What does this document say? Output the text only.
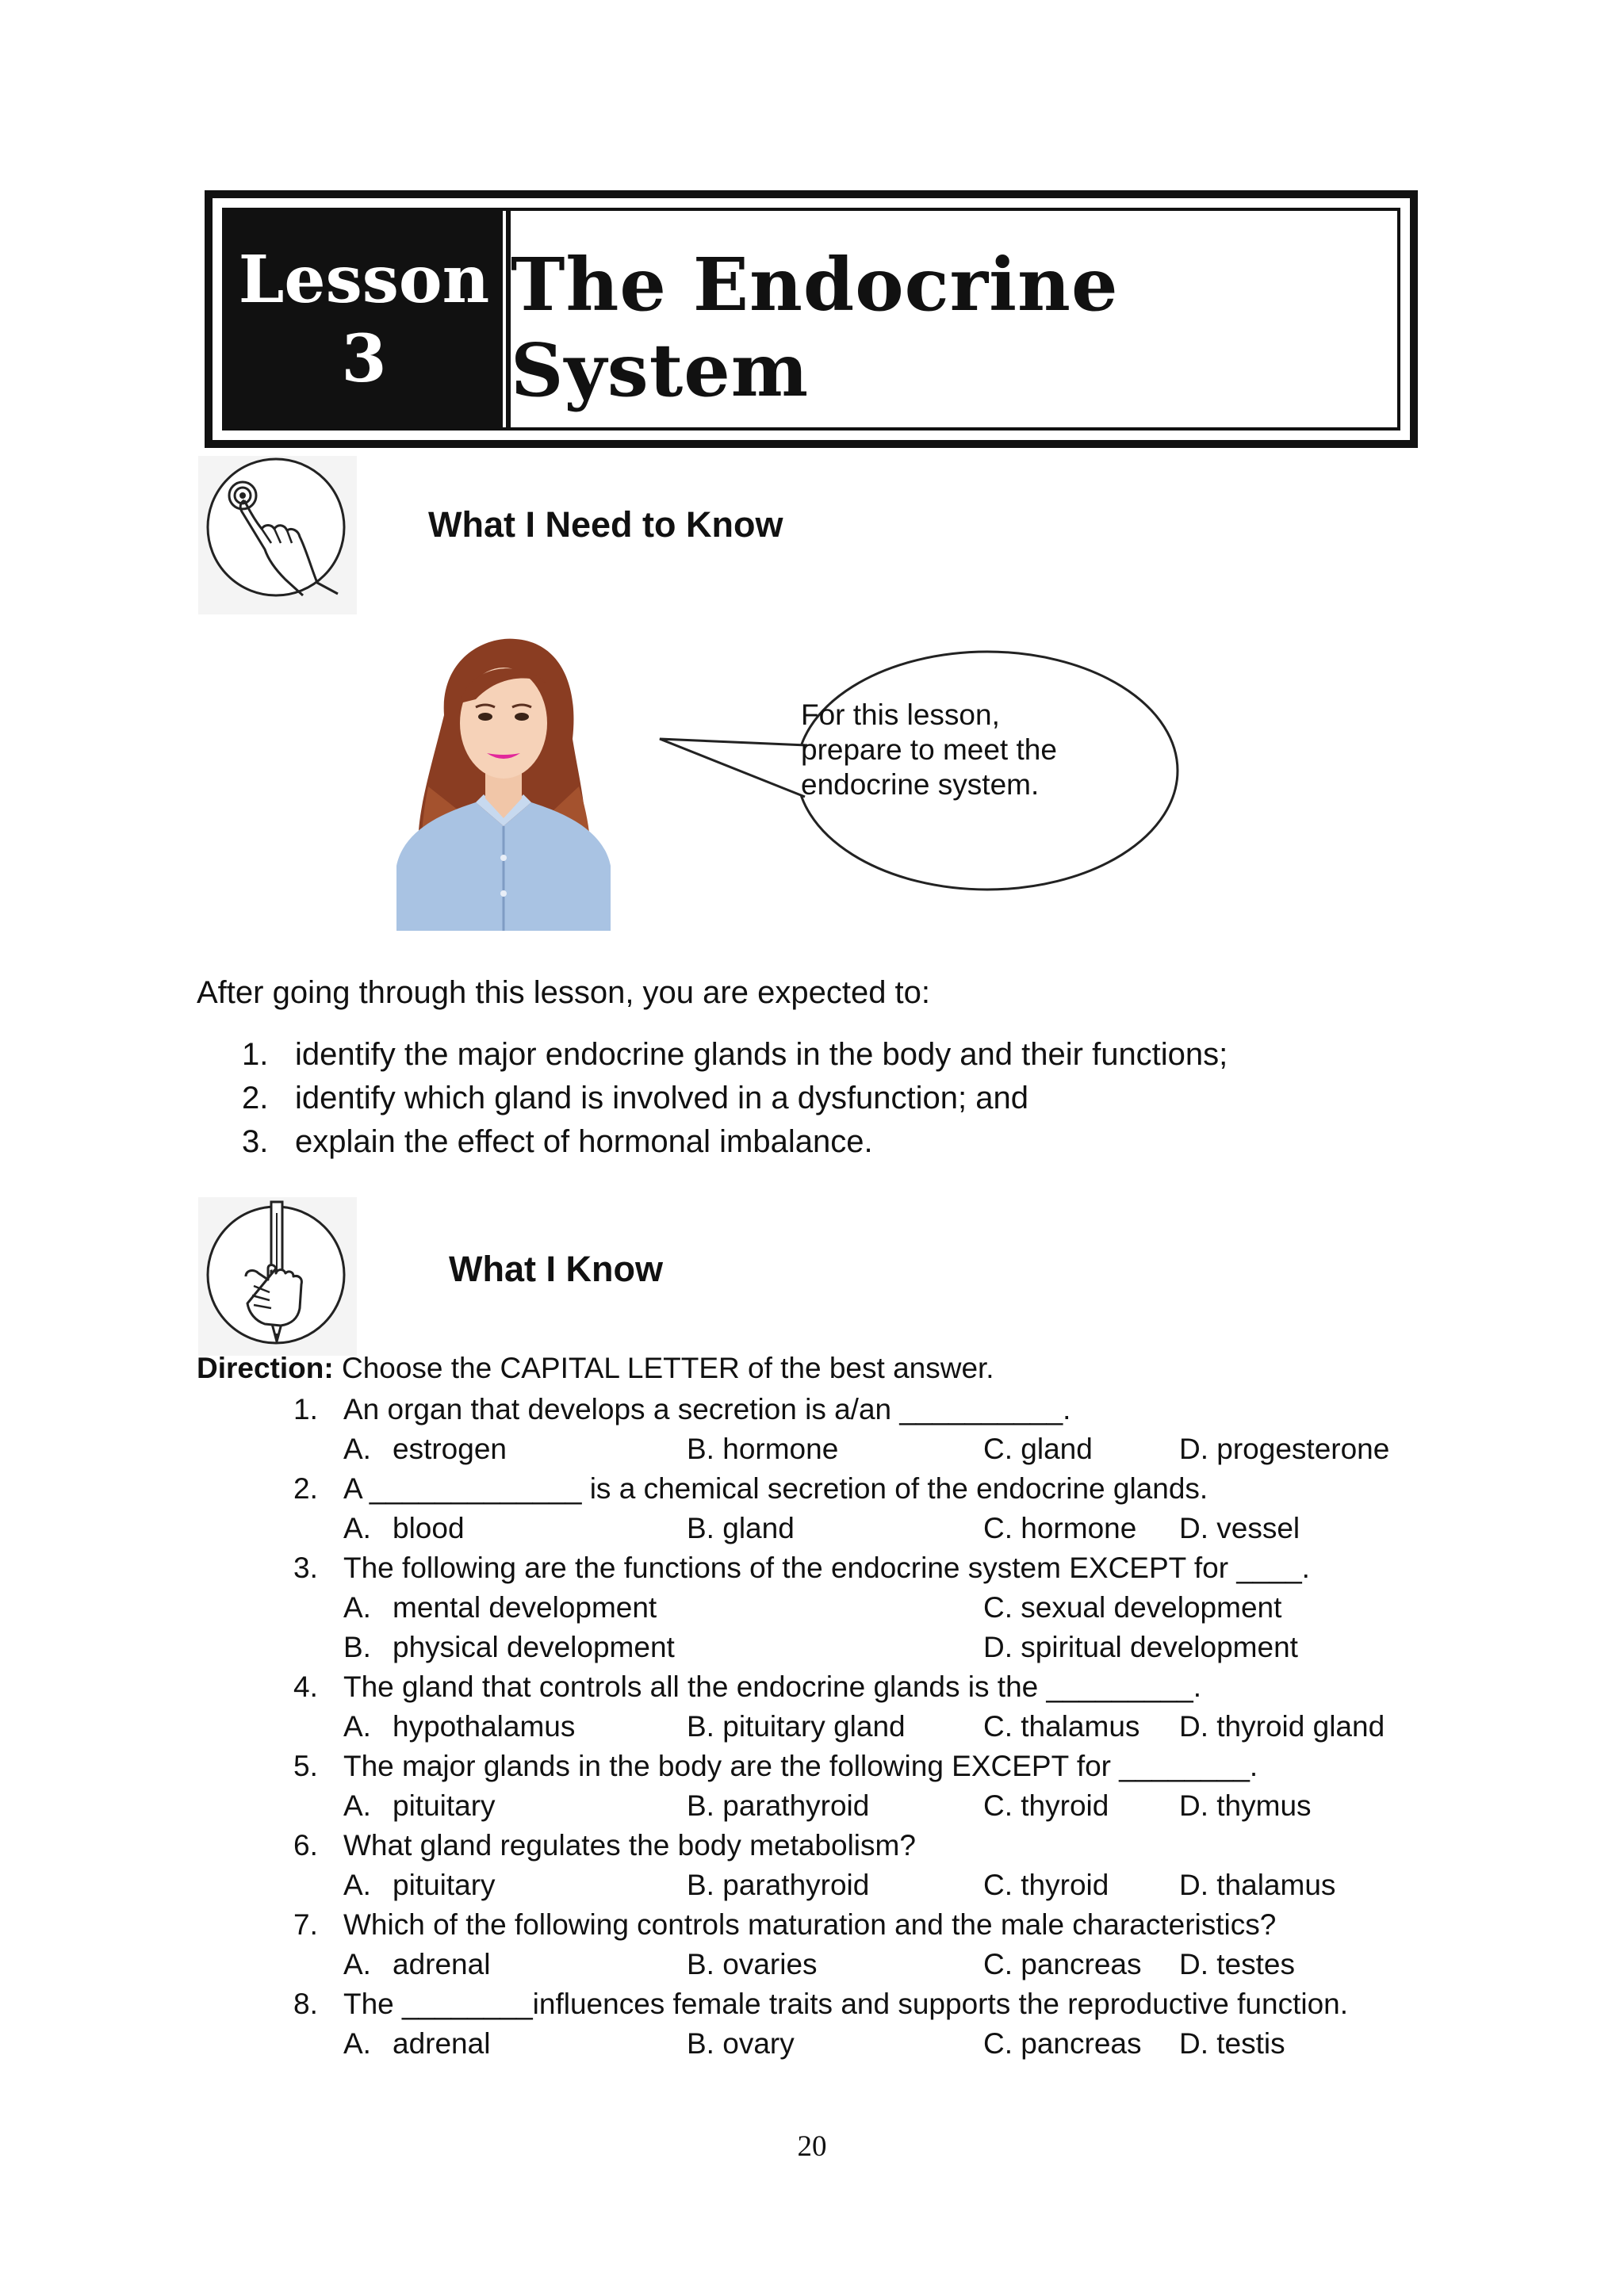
Lesson
3
The Endocrine System
What I Need to Know
For this lesson, prepare to meet the endocrine system.
After going through this lesson, you are expected to:
1. identify the major endocrine glands in the body and their functions;
2. identify which gland is involved in a dysfunction; and
3. explain the effect of hormonal imbalance.
What I Know
Direction: Choose the CAPITAL LETTER of the best answer.
1. An organ that develops a secretion is a/an __________.
A. estrogen	B. hormone	C. gland	D. progesterone
2. A _____________ is a chemical secretion of the endocrine glands.
A. blood	B. gland	C. hormone D. vessel
3. The following are the functions of the endocrine system EXCEPT for ____.
A. mental development	C. sexual development
B. physical development	D. spiritual development
4. The gland that controls all the endocrine glands is the _________.
A. hypothalamus	B. pituitary gland	C. thalamus D. thyroid gland
5. The major glands in the body are the following EXCEPT for ________.
A. pituitary	B. parathyroid	C. thyroid D. thymus
6. What gland regulates the body metabolism?
A. pituitary	B. parathyroid	C. thyroid D. thalamus
7. Which of the following controls maturation and the male characteristics?
A. adrenal	B. ovaries	C. pancreas D. testes
8. The ________influences female traits and supports the reproductive function.
A. adrenal	B. ovary	C. pancreas D. testis
20
